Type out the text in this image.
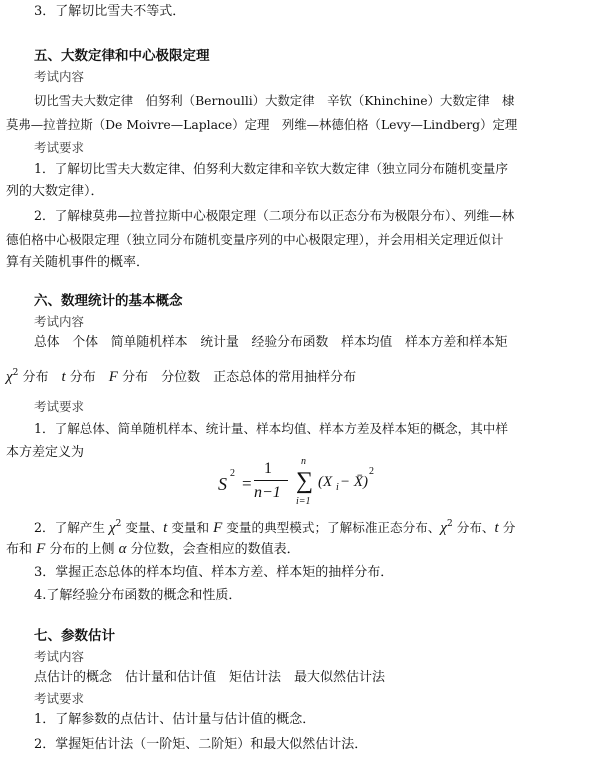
3．了解切比雪夫不等式．
五、大数定律和中心极限定理
考试内容
切比雪夫大数定律　伯努利（Bernoulli）大数定律　辛钦（Khinchine）大数定律　棣
莫弗—拉普拉斯（De Moivre—Laplace）定理　列维—林德伯格（Levy—Lindberg）定理
考试要求
1．了解切比雪夫大数定律、伯努利大数定律和辛钦大数定律（独立同分布随机变量序
列的大数定律）．
2．了解棣莫弗—拉普拉斯中心极限定理（二项分布以正态分布为极限分布）、列维—林
德伯格中心极限定理（独立同分布随机变量序列的中心极限定理），并会用相关定理近似计
算有关随机事件的概率．
六、数理统计的基本概念
考试内容
总体　个体　简单随机样本　统计量　经验分布函数　样本均值　样本方差和样本矩
$\chi^2$ 分布　t 分布　F 分布　分位数　正态总体的常用抽样分布
考试要求
1．了解总体、简单随机样本、统计量、样本均值、样本方差及样本矩的概念，其中样
本方差定义为
S
2
=
1
n−1 ∑
n
i=1
(X i − X̄)
2
2．了解产生 $\chi^2$ 变量、t 变量和 F 变量的典型模式；了解标准正态分布、$\chi^2$ 分布、t 分
布和 F 分布的上侧 α 分位数，会查相应的数值表．
3．掌握正态总体的样本均值、样本方差、样本矩的抽样分布．
4.了解经验分布函数的概念和性质．
七、参数估计
考试内容
点估计的概念　估计量和估计值　矩估计法　最大似然估计法
考试要求
1．了解参数的点估计、估计量与估计值的概念．
2．掌握矩估计法（一阶矩、二阶矩）和最大似然估计法．
